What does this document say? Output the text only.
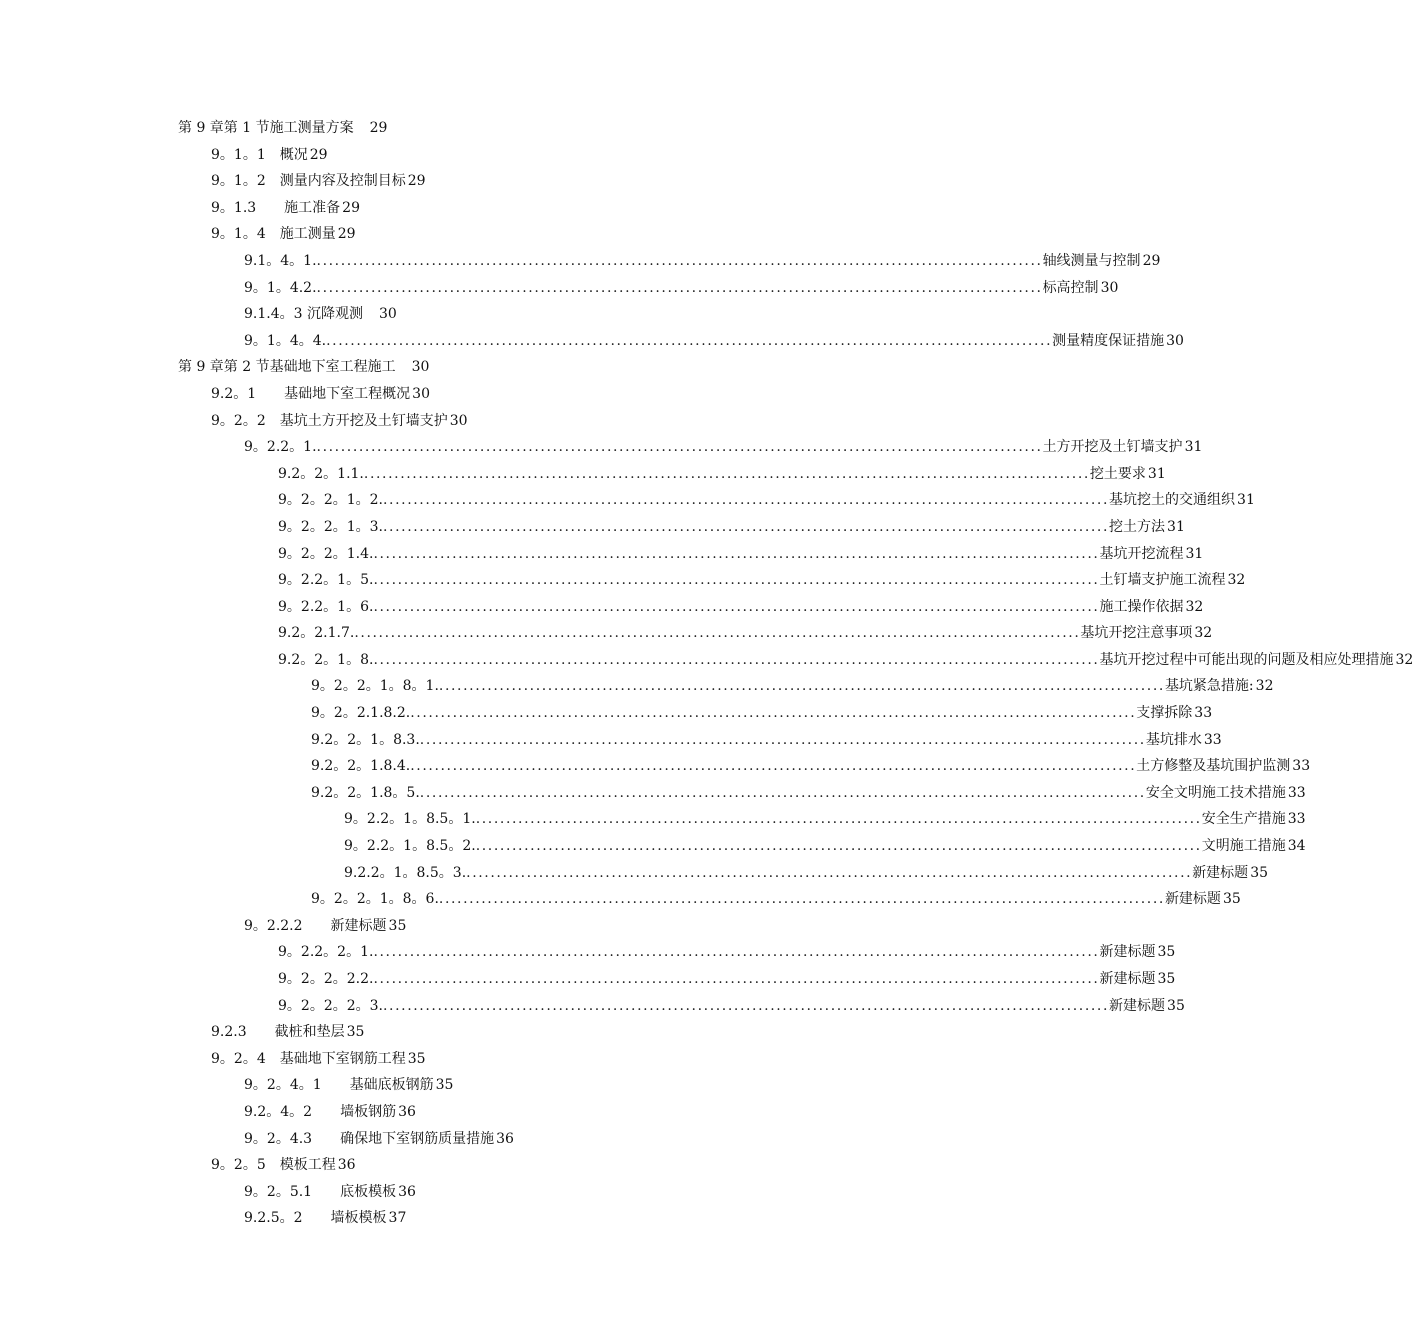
第 9 章第 1 节施工测量方案 29
9。1。1 概况 29
9。1。2 测量内容及控制目标 29
9。1.3 施工准备 29
9。1。4 施工测量 29
9.1。4。1. ........................................................................................................................ 轴线测量与控制 29
9。1。4.2. ........................................................................................................................ 标高控制 30
9.1.4。3 沉降观测 30
9。1。4。4. ........................................................................................................................ 测量精度保证措施 30
第 9 章第 2 节基础地下室工程施工 30
9.2。1 基础地下室工程概况 30
9。2。2 基坑土方开挖及土钉墙支护 30
9。2.2。1. ........................................................................................................................ 土方开挖及土钉墙支护 31
9.2。2。1.1. ........................................................................................................................ 挖土要求 31
9。2。2。1。2. ........................................................................................................................ 基坑挖土的交通组织 31
9。2。2。1。3. ........................................................................................................................ 挖土方法 31
9。2。2。1.4. ........................................................................................................................ 基坑开挖流程 31
9。2.2。1。5. ........................................................................................................................ 土钉墙支护施工流程 32
9。2.2。1。6. ........................................................................................................................ 施工操作依据 32
9.2。2.1.7. ........................................................................................................................ 基坑开挖注意事项 32
9.2。2。1。8. ........................................................................................................................ 基坑开挖过程中可能出现的问题及相应处理措施 32
9。2。2。1。8。1. ........................................................................................................................ 基坑紧急措施: 32
9。2。2.1.8.2. ........................................................................................................................ 支撑拆除 33
9.2。2。1。8.3. ........................................................................................................................ 基坑排水 33
9.2。2。1.8.4. ........................................................................................................................ 土方修整及基坑围护监测 33
9.2。2。1.8。5. ........................................................................................................................ 安全文明施工技术措施 33
9。2.2。1。8.5。1. ........................................................................................................................ 安全生产措施 33
9。2.2。1。8.5。2. ........................................................................................................................ 文明施工措施 34
9.2.2。1。8.5。3. ........................................................................................................................ 新建标题 35
9。2。2。1。8。6. ........................................................................................................................ 新建标题 35
9。2.2.2 新建标题 35
9。2.2。2。1. ........................................................................................................................ 新建标题 35
9。2。2。2.2. ........................................................................................................................ 新建标题 35
9。2。2。2。3. ........................................................................................................................ 新建标题 35
9.2.3 截桩和垫层 35
9。2。4 基础地下室钢筋工程 35
9。2。4。1 基础底板钢筋 35
9.2。4。2 墙板钢筋 36
9。2。4.3 确保地下室钢筋质量措施 36
9。2。5 模板工程 36
9。2。5.1 底板模板 36
9.2.5。2 墙板模板 37
